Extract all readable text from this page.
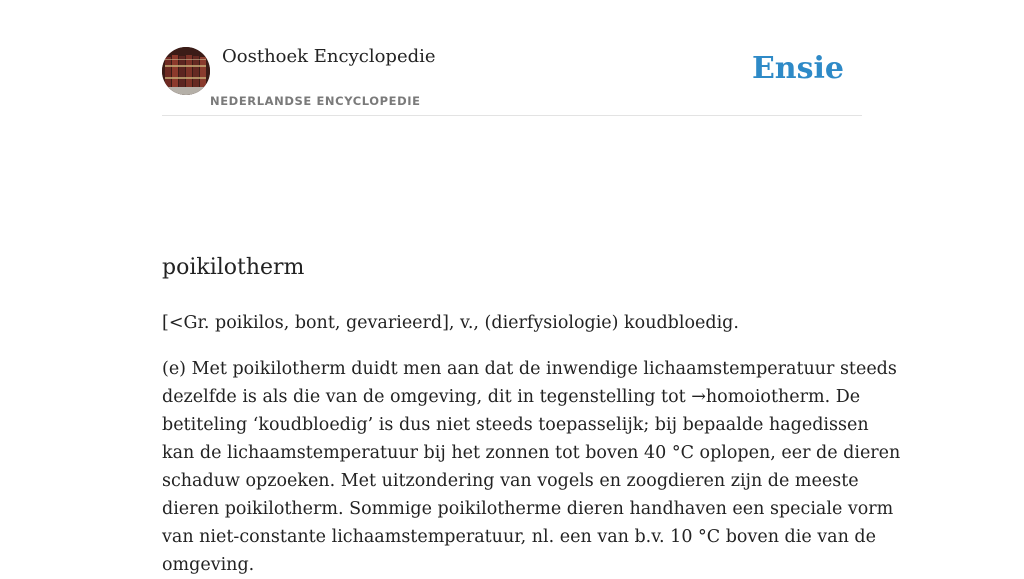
Oosthoek Encyclopedie
NEDERLANDSE ENCYCLOPEDIE
Ensie
poikilotherm

[<Gr. poikilos, bont, gevarieerd], v., (dierfysiologie) koudbloedig.

(e) Met poikilotherm duidt men aan dat de inwendige lichaamstemperatuur steeds
dezelfde is als die van de omgeving, dit in tegenstelling tot →homoiotherm. De
betiteling ‘koudbloedig’ is dus niet steeds toepasselijk; bij bepaalde hagedissen
kan de lichaamstemperatuur bij het zonnen tot boven 40 °C oplopen, eer de dieren
schaduw opzoeken. Met uitzondering van vogels en zoogdieren zijn de meeste
dieren poikilotherm. Sommige poikilotherme dieren handhaven een speciale vorm
van niet-constante lichaamstemperatuur, nl. een van b.v. 10 °C boven die van de
omgeving.
